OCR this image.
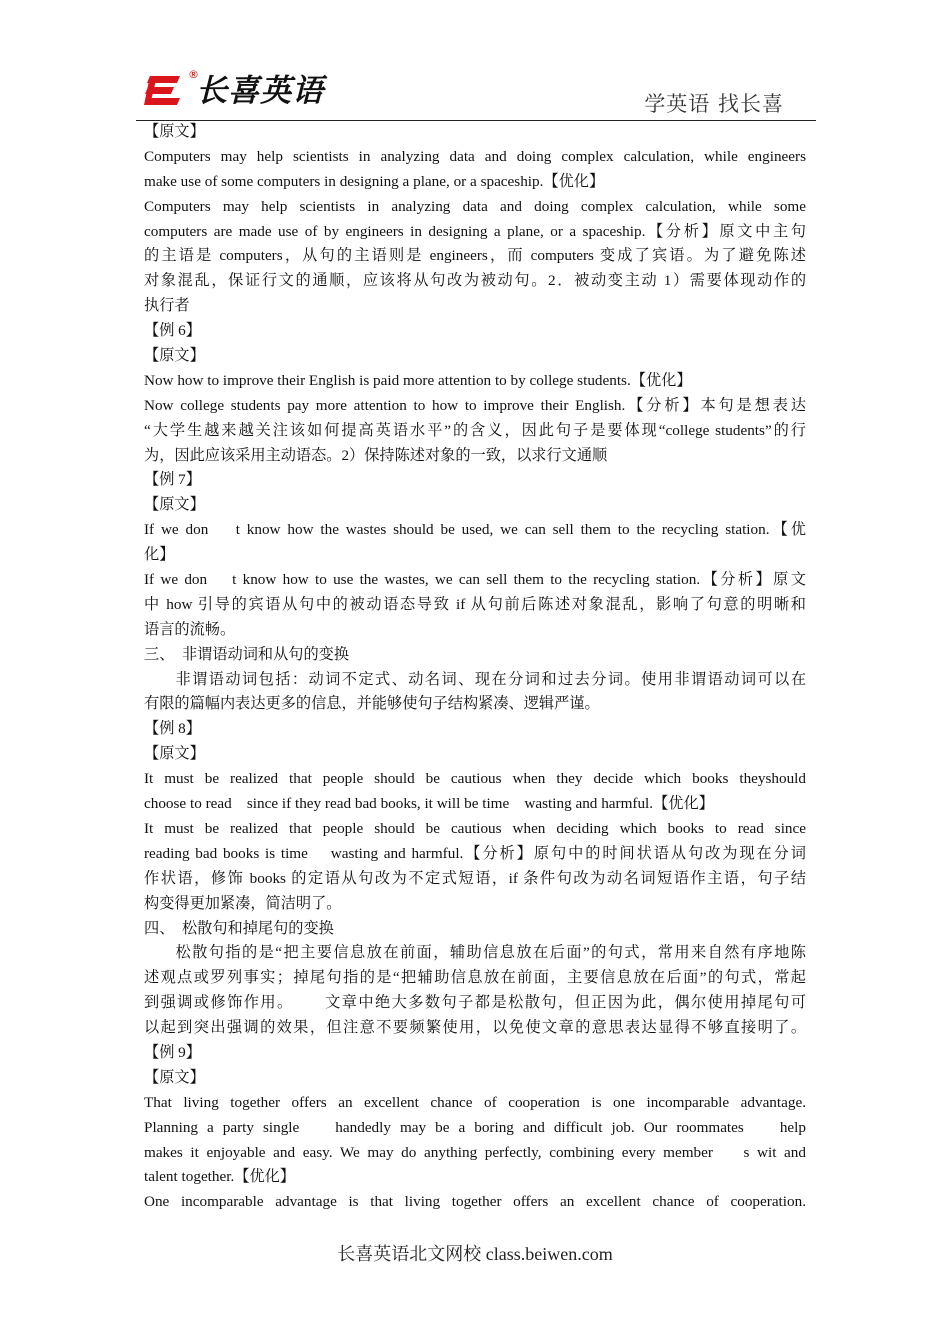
®
长喜英语	学英语 找长喜
【原文】
Computers may help scientists in analyzing data and doing complex calculation, while engineers
make use of some computers in designing a plane, or a spaceship.【优化】
Computers may help scientists in analyzing data and doing complex calculation, while some
computers are made use of by engineers in designing a plane, or a spaceship.【分析】原文中主句
的主语是 computers，从句的主语则是 engineers，而 computers 变成了宾语。为了避免陈述
对象混乱，保证行文的通顺，应该将从句改为被动句。2．被动变主动 1）需要体现动作的
执行者
【例 6】
【原文】
Now how to improve their English is paid more attention to by college students.【优化】
Now college students pay more attention to how to improve their English.【分析】本句是想表达
“大学生越来越关注该如何提高英语水平”的含义，因此句子是要体现“college students”的行
为，因此应该采用主动语态。2）保持陈述对象的一致，以求行文通顺
【例 7】
【原文】
If we don    t know how the wastes should be used, we can sell them to the recycling station.【优
化】
If we don    t know how to use the wastes, we can sell them to the recycling station.【分析】原文
中 how 引导的宾语从句中的被动语态导致 if 从句前后陈述对象混乱，影响了句意的明晰和
语言的流畅。
三、  非谓语动词和从句的变换
非谓语动词包括：动词不定式、动名词、现在分词和过去分词。使用非谓语动词可以在
有限的篇幅内表达更多的信息，并能够使句子结构紧凑、逻辑严谨。
【例 8】
【原文】
It must be realized that people should be cautious when they decide which books theyshould
choose to read    since if they read bad books, it will be time    wasting and harmful.【优化】
It must be realized that people should be cautious when deciding which books to read since
reading bad books is time    wasting and harmful.【分析】原句中的时间状语从句改为现在分词
作状语，修饰 books 的定语从句改为不定式短语，if 条件句改为动名词短语作主语，句子结
构变得更加紧凑，简洁明了。
四、  松散句和掉尾句的变换
松散句指的是“把主要信息放在前面，辅助信息放在后面”的句式，常用来自然有序地陈
述观点或罗列事实；掉尾句指的是“把辅助信息放在前面，主要信息放在后面”的句式，常起
到强调或修饰作用。      文章中绝大多数句子都是松散句，但正因为此，偶尔使用掉尾句可
以起到突出强调的效果，但注意不要频繁使用，以免使文章的意思表达显得不够直接明了。
【例 9】
【原文】
That living together offers an excellent chance of cooperation is one incomparable advantage.
Planning a party single    handedly may be a boring and difficult job. Our roommates    help
makes it enjoyable and easy. We may do anything perfectly, combining every member    s wit and
talent together.【优化】
One incomparable advantage is that living together offers an excellent chance of cooperation.
长喜英语北文网校 class.beiwen.com
